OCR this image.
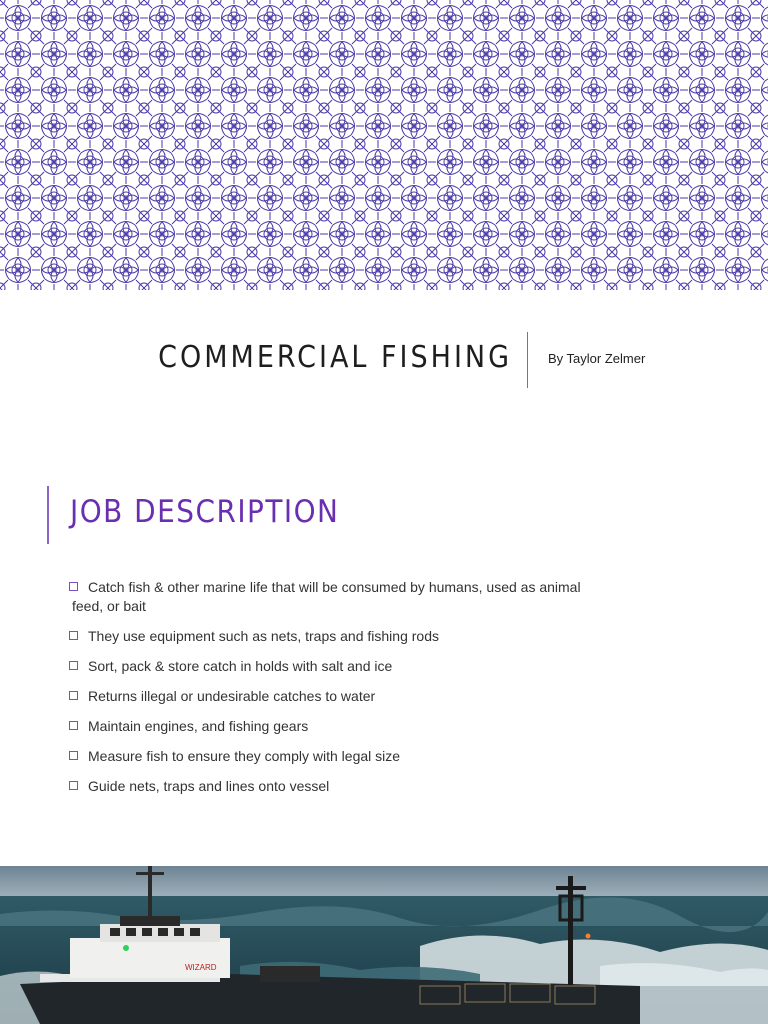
COMMERCIAL FISHING	By Taylor Zelmer
JOB DESCRIPTION
Catch fish & other marine life that will be consumed by humans, used as animal
feed, or bait
They use equipment such as nets, traps and fishing rods
Sort, pack & store catch in holds with salt and ice
Returns illegal or undesirable catches to water
Maintain engines, and fishing gears
Measure fish to ensure they comply with legal size
Guide nets, traps and lines onto vessel
WIZARD
